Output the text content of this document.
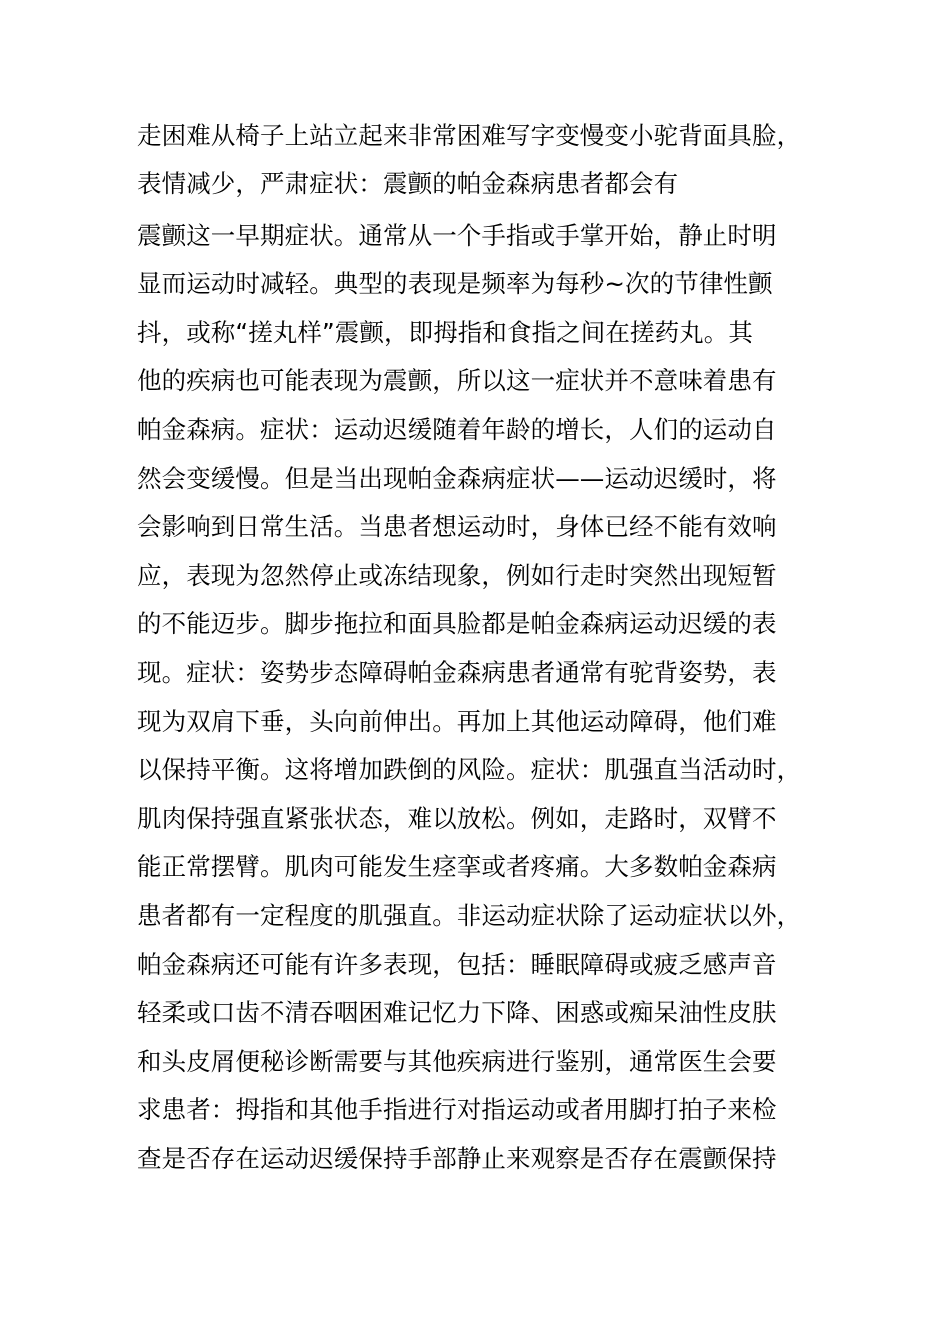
走困难从椅子上站立起来非常困难写字变慢变小驼背面具脸，
表情减少，严肃症状：震颤的帕金森病患者都会有
震颤这一早期症状。通常从一个手指或手掌开始，静止时明
显而运动时减轻。典型的表现是频率为每秒~次的节律性颤
抖，或称“搓丸样”震颤，即拇指和食指之间在搓药丸。其
他的疾病也可能表现为震颤，所以这一症状并不意味着患有
帕金森病。症状：运动迟缓随着年龄的增长，人们的运动自
然会变缓慢。但是当出现帕金森病症状——运动迟缓时，将
会影响到日常生活。当患者想运动时，身体已经不能有效响
应，表现为忽然停止或冻结现象，例如行走时突然出现短暂
的不能迈步。脚步拖拉和面具脸都是帕金森病运动迟缓的表
现。症状：姿势步态障碍帕金森病患者通常有驼背姿势，表
现为双肩下垂，头向前伸出。再加上其他运动障碍，他们难
以保持平衡。这将增加跌倒的风险。症状：肌强直当活动时，
肌肉保持强直紧张状态，难以放松。例如，走路时，双臂不
能正常摆臂。肌肉可能发生痉挛或者疼痛。大多数帕金森病
患者都有一定程度的肌强直。非运动症状除了运动症状以外，
帕金森病还可能有许多表现，包括：睡眠障碍或疲乏感声音
轻柔或口齿不清吞咽困难记忆力下降、困惑或痴呆油性皮肤
和头皮屑便秘诊断需要与其他疾病进行鉴别，通常医生会要
求患者：拇指和其他手指进行对指运动或者用脚打拍子来检
查是否存在运动迟缓保持手部静止来观察是否存在震颤保持
